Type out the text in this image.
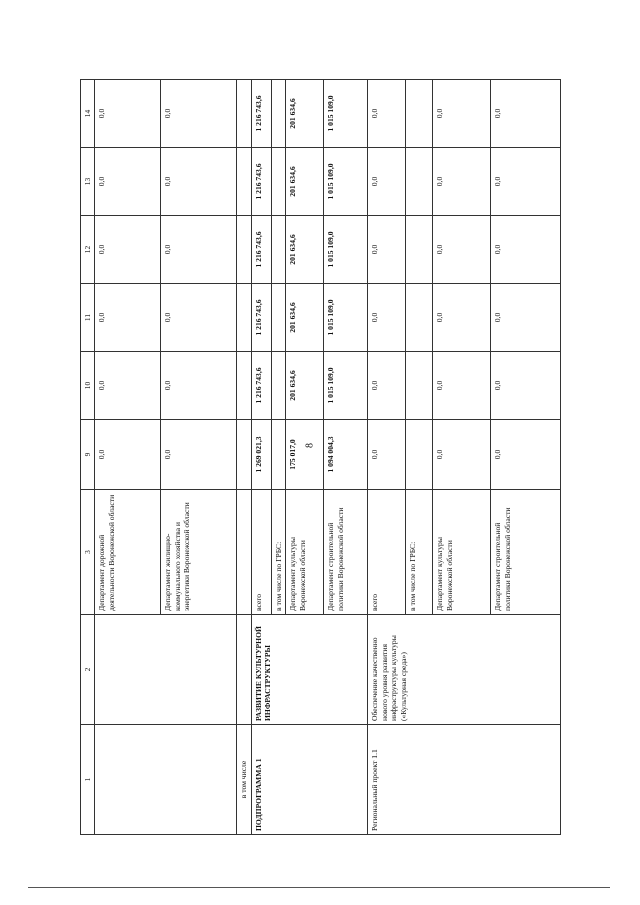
8
1	2	3	9	10	11	12	13	14
		Департамент дорожной деятельности Воронежской области	0,0	0,0	0,0	0,0	0,0	0,0
		Департамент жилищно-коммунального хозяйства и энергетики Воронежской области	0,0	0,0	0,0	0,0	0,0	0,0
в том числе								
ПОДПРОГРАММА 1	РАЗВИТИЕ КУЛЬТУРНОЙ ИНФРАСТРУКТУРЫ	всего	1 269 021,3	1 216 743,6	1 216 743,6	1 216 743,6	1 216 743,6	1 216 743,6
		в том числе по ГРБС:						
		Департамент культуры Воронежской области	175 017,0	201 634,6	201 634,6	201 634,6	201 634,6	201 634,6
		Департамент строительной политики Воронежской области	1 094 004,3	1 015 109,0	1 015 109,0	1 015 109,0	1 015 109,0	1 015 109,0
Региональный проект 1.1	Обеспечение качественно нового уровня развития инфраструктуры культуры («Культурная среда»)	всего	0,0	0,0	0,0	0,0	0,0	0,0
		в том числе по ГРБС:						
		Департамент культуры Воронежской области	0,0	0,0	0,0	0,0	0,0	0,0
		Департамент строительной политики Воронежской области	0,0	0,0	0,0	0,0	0,0	0,0
